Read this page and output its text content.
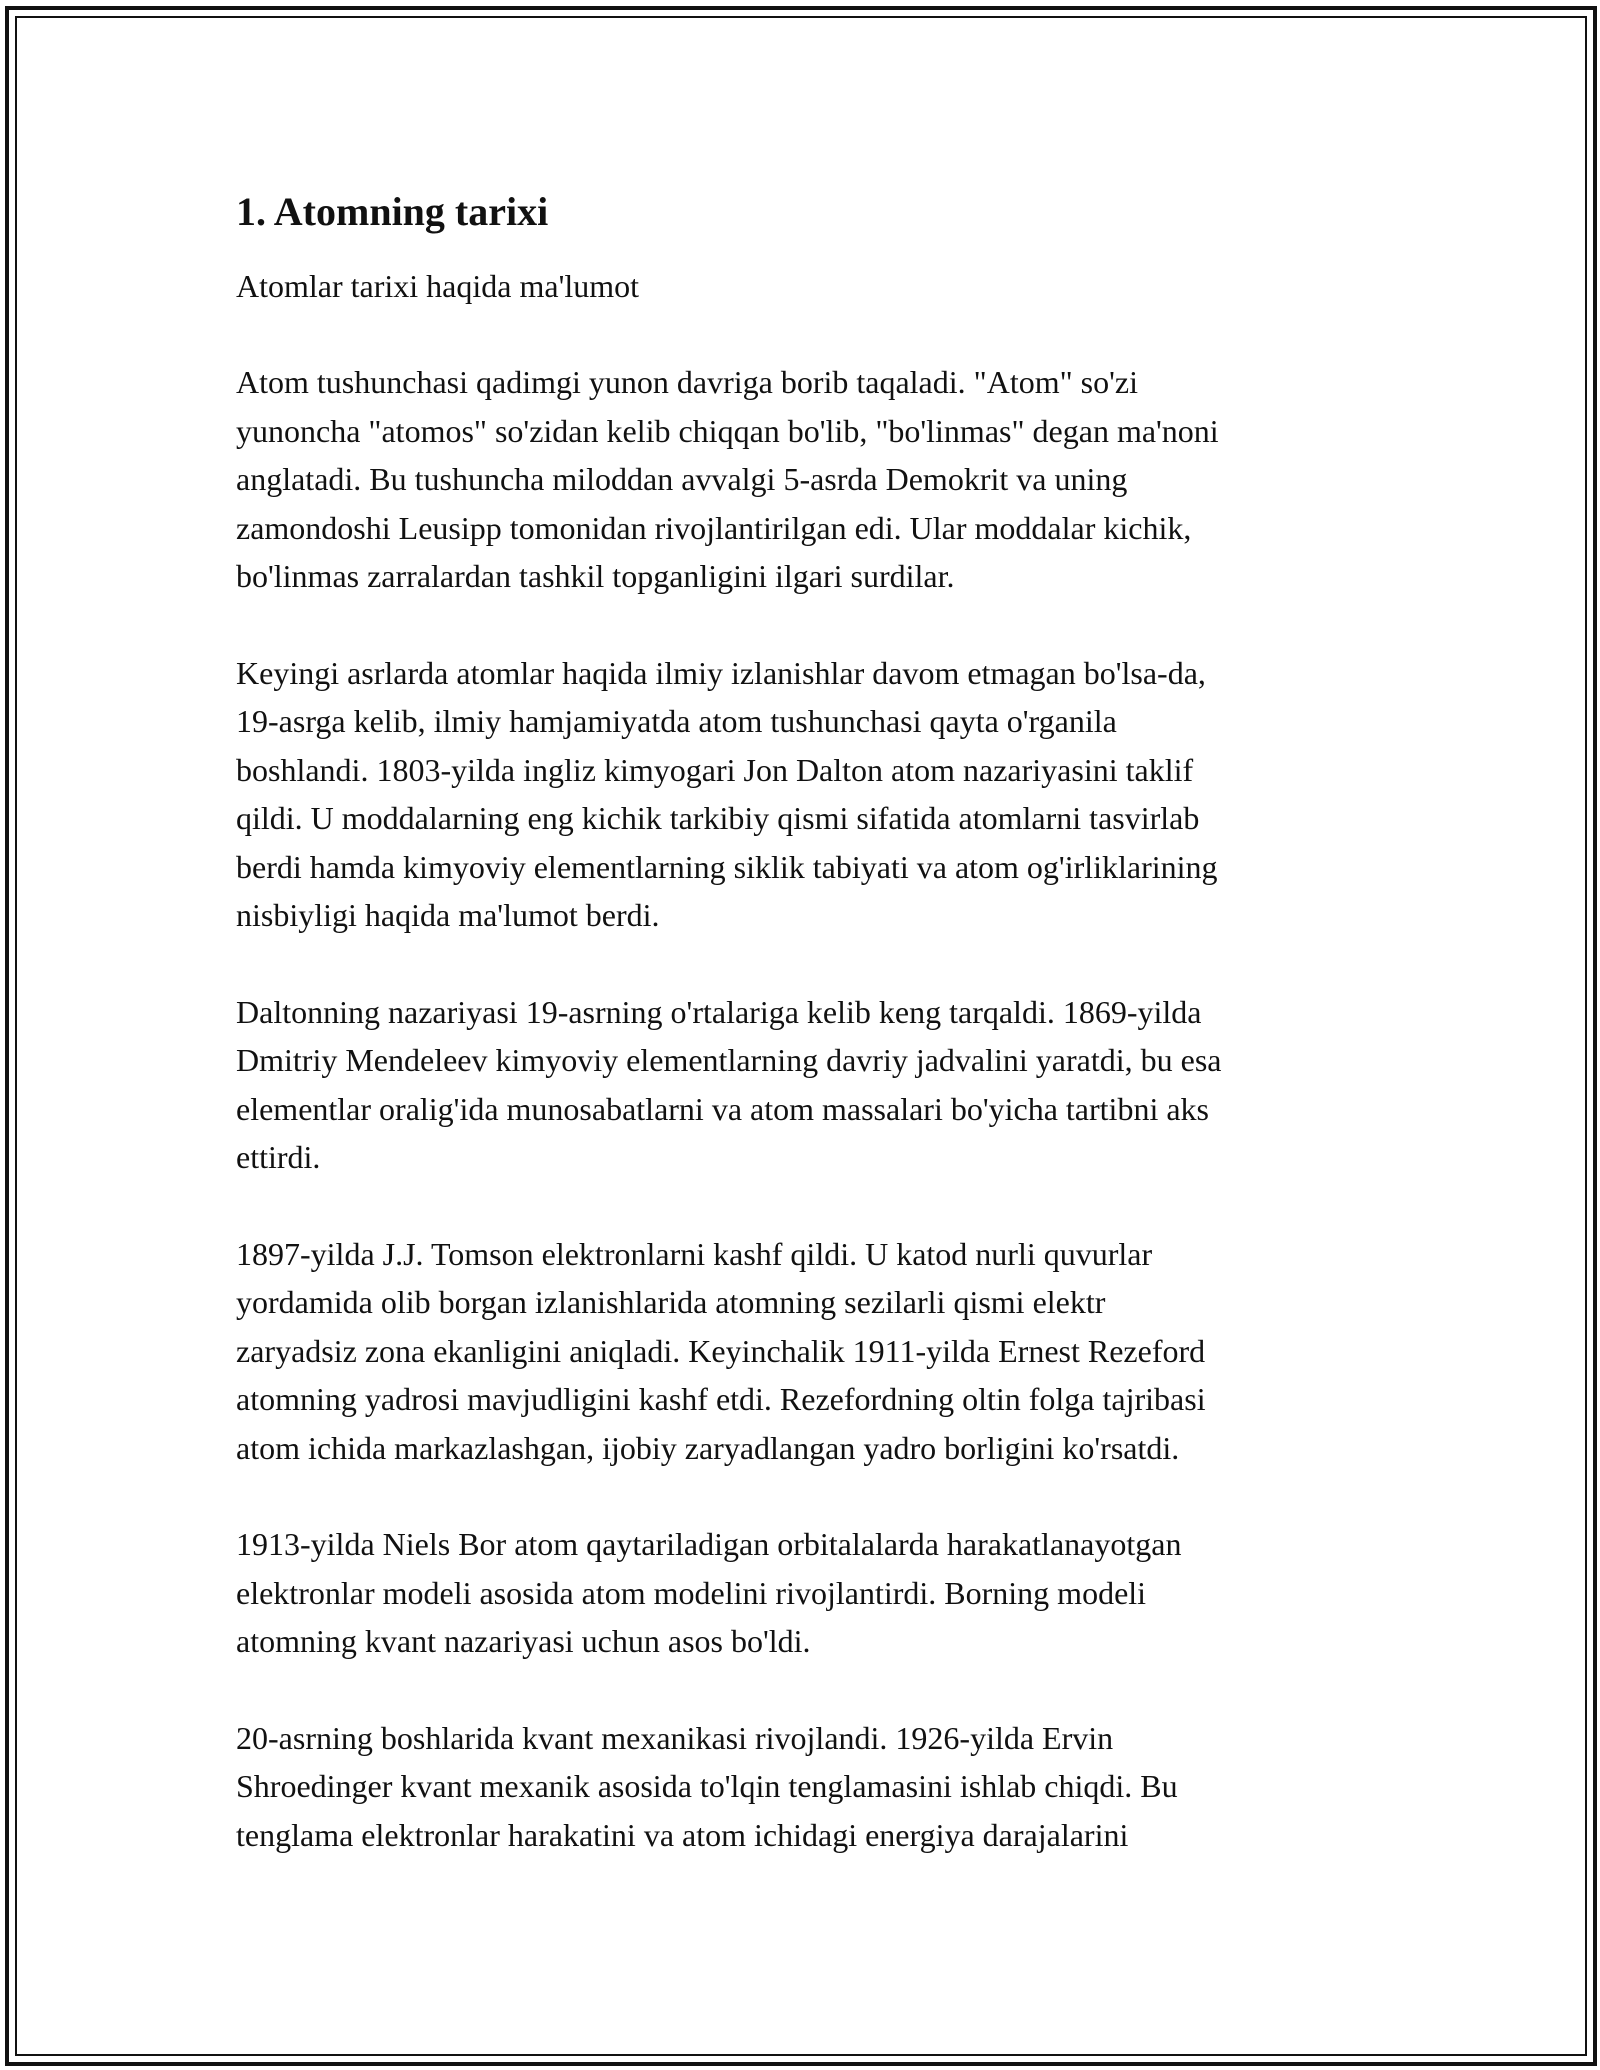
1. Atomning tarixi

Atomlar tarixi haqida ma'lumot

Atom tushunchasi qadimgi yunon davriga borib taqaladi. "Atom" so'zi
yunoncha "atomos" so'zidan kelib chiqqan bo'lib, "bo'linmas" degan ma'noni
anglatadi. Bu tushuncha miloddan avvalgi 5-asrda Demokrit va uning
zamondoshi Leusipp tomonidan rivojlantirilgan edi. Ular moddalar kichik,
bo'linmas zarralardan tashkil topganligini ilgari surdilar.

Keyingi asrlarda atomlar haqida ilmiy izlanishlar davom etmagan bo'lsa-da,
19-asrga kelib, ilmiy hamjamiyatda atom tushunchasi qayta o'rganila
boshlandi. 1803-yilda ingliz kimyogari Jon Dalton atom nazariyasini taklif
qildi. U moddalarning eng kichik tarkibiy qismi sifatida atomlarni tasvirlab
berdi hamda kimyoviy elementlarning siklik tabiyati va atom og'irliklarining
nisbiyligi haqida ma'lumot berdi.

Daltonning nazariyasi 19-asrning o'rtalariga kelib keng tarqaldi. 1869-yilda
Dmitriy Mendeleev kimyoviy elementlarning davriy jadvalini yaratdi, bu esa
elementlar oralig'ida munosabatlarni va atom massalari bo'yicha tartibni aks
ettirdi.

1897-yilda J.J. Tomson elektronlarni kashf qildi. U katod nurli quvurlar
yordamida olib borgan izlanishlarida atomning sezilarli qismi elektr
zaryadsiz zona ekanligini aniqladi. Keyinchalik 1911-yilda Ernest Rezeford
atomning yadrosi mavjudligini kashf etdi. Rezefordning oltin folga tajribasi
atom ichida markazlashgan, ijobiy zaryadlangan yadro borligini ko'rsatdi.

1913-yilda Niels Bor atom qaytariladigan orbitalalarda harakatlanayotgan
elektronlar modeli asosida atom modelini rivojlantirdi. Borning modeli
atomning kvant nazariyasi uchun asos bo'ldi.

20-asrning boshlarida kvant mexanikasi rivojlandi. 1926-yilda Ervin
Shroedinger kvant mexanik asosida to'lqin tenglamasini ishlab chiqdi. Bu
tenglama elektronlar harakatini va atom ichidagi energiya darajalarini
